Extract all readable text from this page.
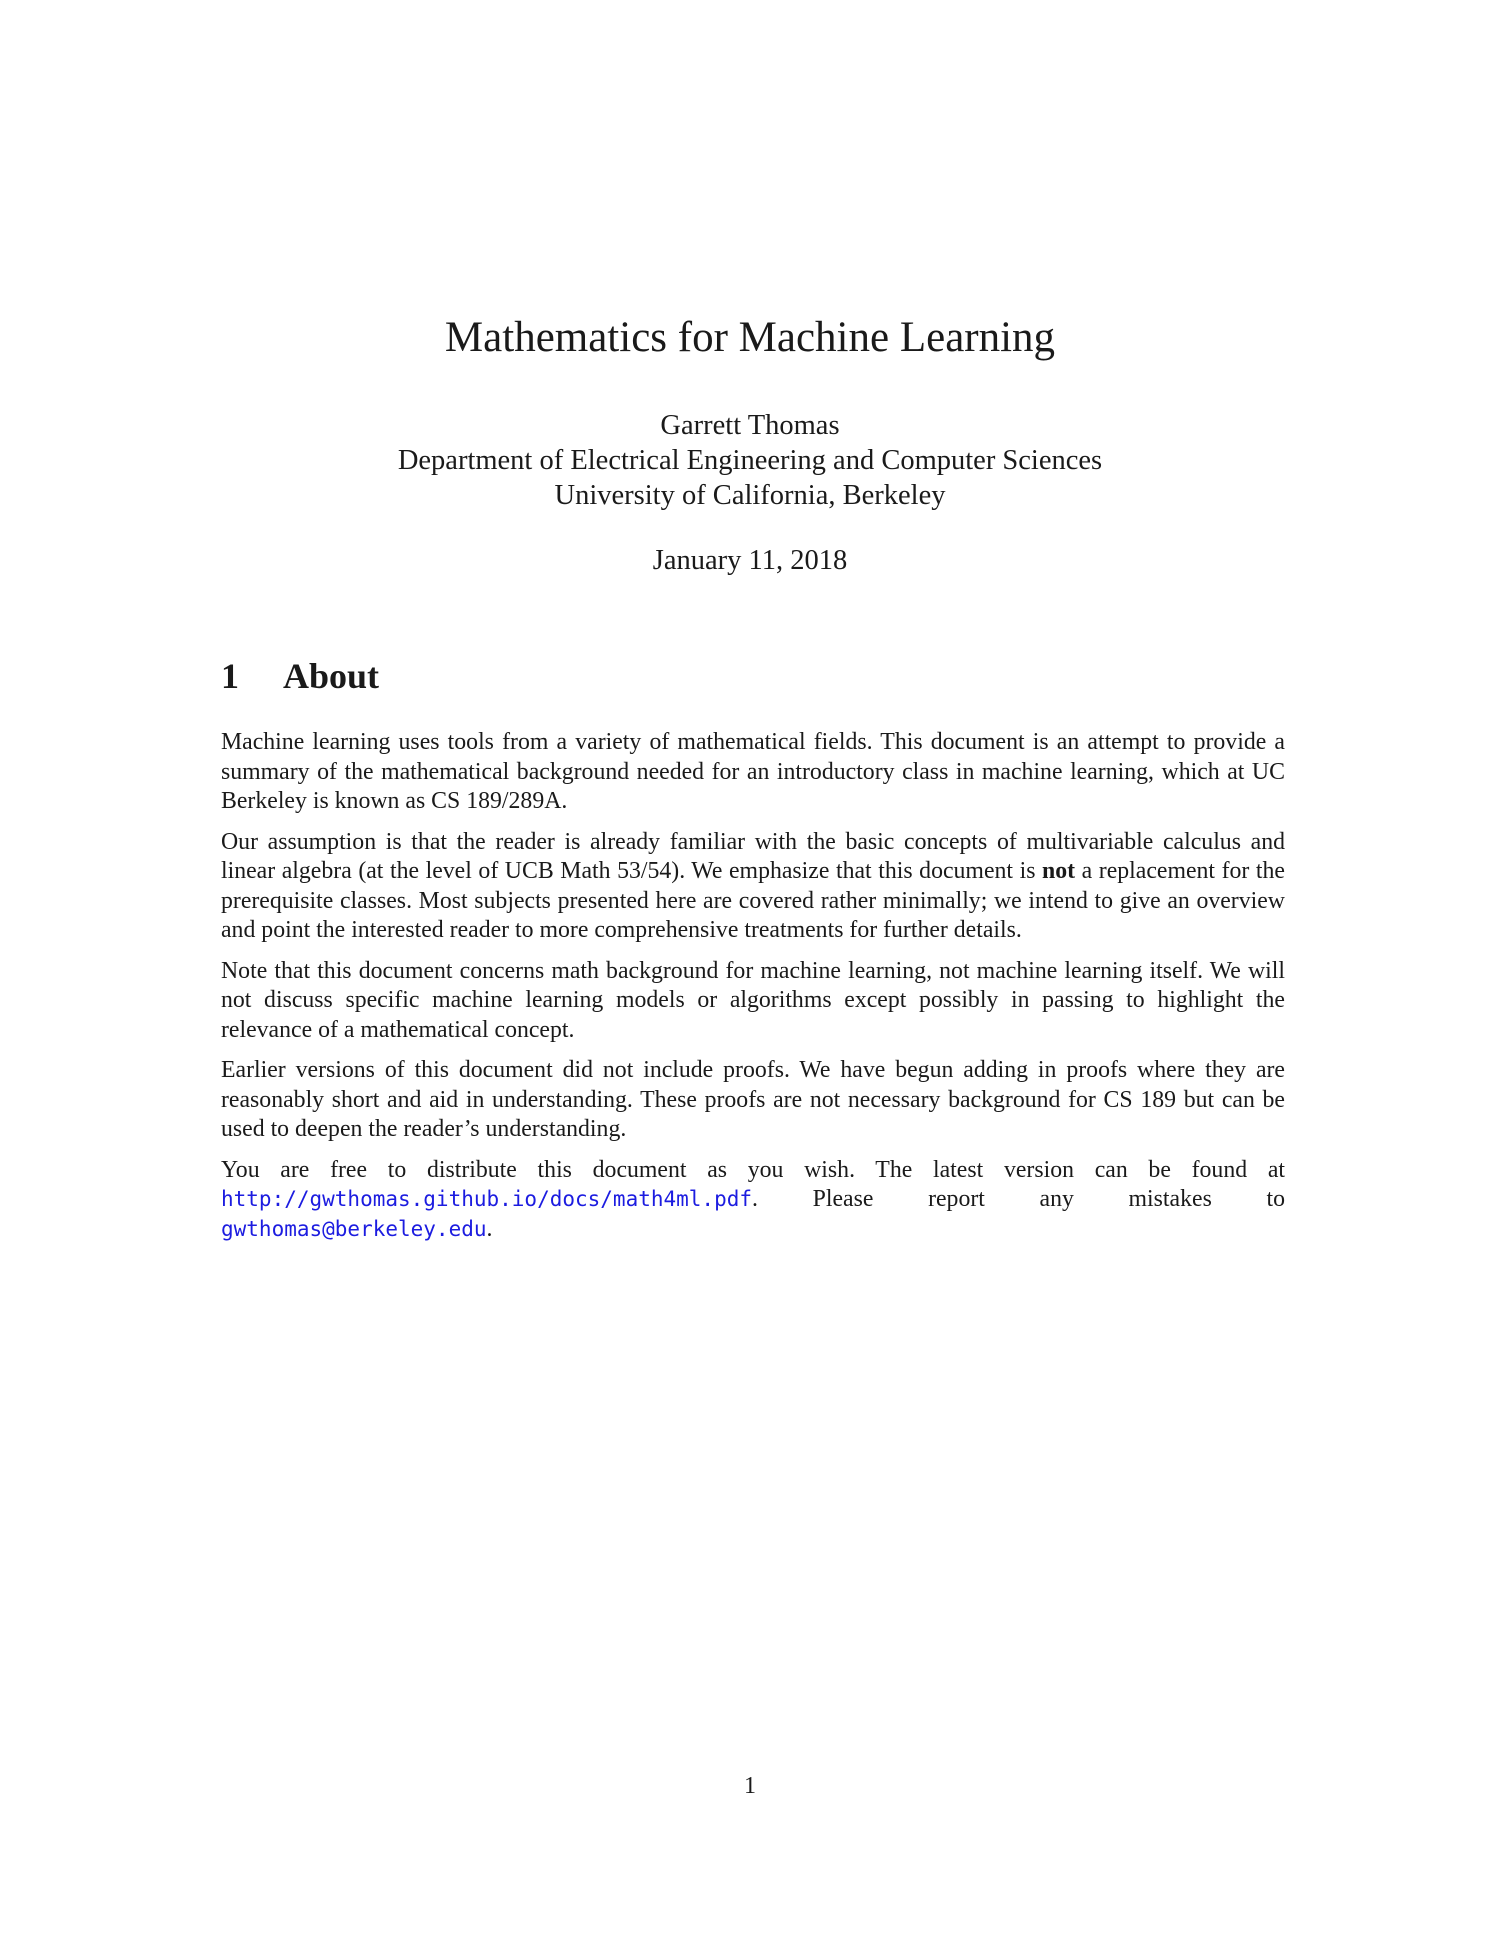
Mathematics for Machine Learning
Garrett Thomas
Department of Electrical Engineering and Computer Sciences
University of California, Berkeley
January 11, 2018
1 About

Machine learning uses tools from a variety of mathematical fields. This document is an attempt to provide a summary of the mathematical background needed for an introductory class in machine learning, which at UC Berkeley is known as CS 189/289A.

Our assumption is that the reader is already familiar with the basic concepts of multivariable calculus and linear algebra (at the level of UCB Math 53/54). We emphasize that this document is not a replacement for the prerequisite classes. Most subjects presented here are covered rather minimally; we intend to give an overview and point the interested reader to more comprehensive treatments for further details.

Note that this document concerns math background for machine learning, not machine learning itself. We will not discuss specific machine learning models or algorithms except possibly in passing to highlight the relevance of a mathematical concept.

Earlier versions of this document did not include proofs. We have begun adding in proofs where they are reasonably short and aid in understanding. These proofs are not necessary background for CS 189 but can be used to deepen the reader’s understanding.

You are free to distribute this document as you wish. The latest version can be found at http://gwthomas.github.io/docs/math4ml.pdf. Please report any mistakes to gwthomas@berkeley.edu.

1
